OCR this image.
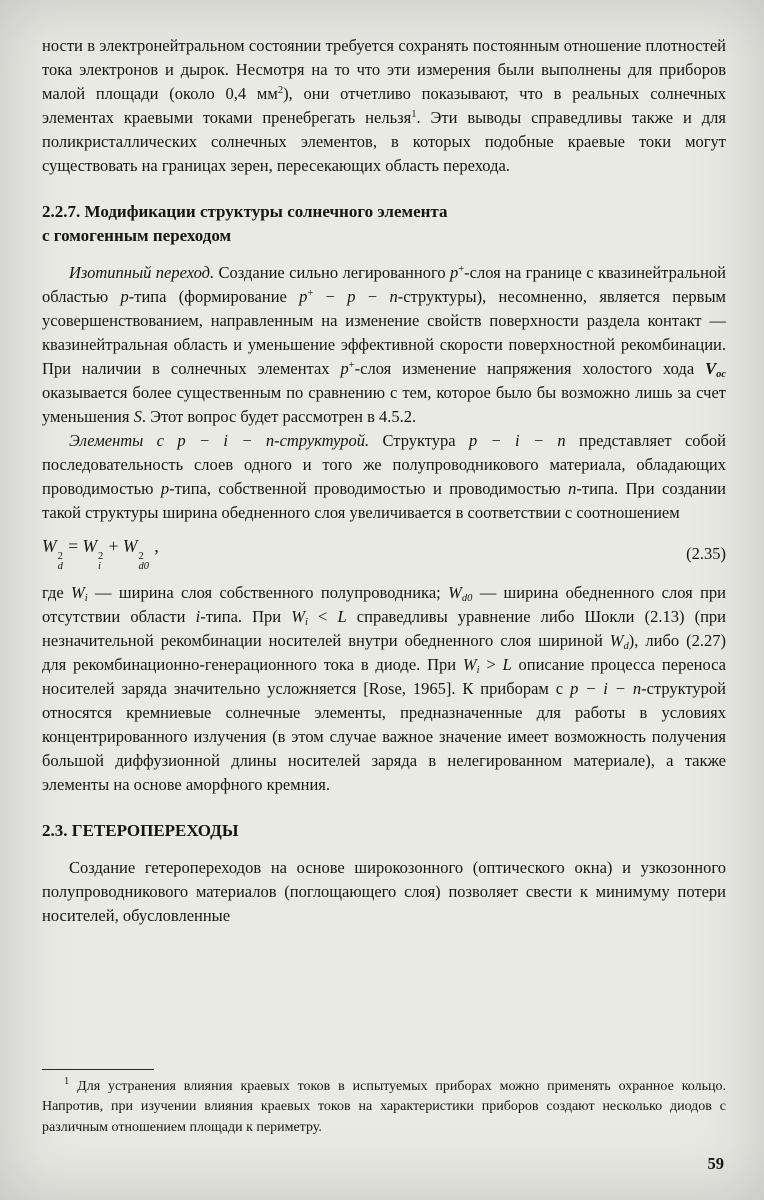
ности в электронейтральном состоянии требуется сохранять постоянным отношение плотностей тока электронов и дырок. Несмотря на то что эти измерения были выполнены для приборов малой площади (около 0,4 $мм^2$), они отчетливо показывают, что в реальных солнечных элементах краевыми токами пренебрегать нельзя$^1$. Эти выводы справедливы также и для поликристаллических солнечных элементов, в которых подобные краевые токи могут существовать на границах зерен, пересекающих область перехода.

2.2.7. Модификации структуры солнечного элемента
с гомогенным переходом

Изотипный переход. Создание сильно легированного p+-слоя на границе с квазинейтральной областью p-типа (формирование p+ − p − n-структуры), несомненно, является первым усовершенствованием, направленным на изменение свойств поверхности раздела контакт — квазинейтральная область и уменьшение эффективной скорости поверхностной рекомбинации. При наличии в солнечных элементах p+-слоя изменение напряжения холостого хода $V_{oc}$ оказывается более существенным по сравнению с тем, которое было бы возможно лишь за счет уменьшения S. Этот вопрос будет рассмотрен в 4.5.2.

Элементы с p − i − n-структурой. Структура p − i − n представляет собой последовательность слоев одного и того же полупроводникового материала, обладающих проводимостью p-типа, собственной проводимостью и проводимостью n-типа. При создании такой структуры ширина обедненного слоя увеличивается в соответствии с соотношением

W
2
d
= W
2
i
+ W
2
d0
,	(2.35)

где $W_i$ — ширина слоя собственного полупроводника; $W_{d0}$ — ширина обедненного слоя при отсутствии области i-типа. При $W_i < L$ справедливы уравнение либо Шокли (2.13) (при незначительной рекомбинации носителей внутри обедненного слоя шириной $W_d$), либо (2.27) для рекомбинационно-генерационного тока в диоде. При $W_i > L$ описание процесса переноса носителей заряда значительно усложняется [Rose, 1965]. К приборам с p − i − n-структурой относятся кремниевые солнечные элементы, предназначенные для работы в условиях концентрированного излучения (в этом случае важное значение имеет возможность получения большой диффузионной длины носителей заряда в нелегированном материале), а также элементы на основе аморфного кремния.

2.3. ГЕТЕРОПЕРЕХОДЫ

Создание гетеропереходов на основе широкозонного (оптического окна) и узкозонного полупроводникового материалов (поглощающего слоя) позволяет свести к минимуму потери носителей, обусловленные

$^1$ Для устранения влияния краевых токов в испытуемых приборах можно применять охранное кольцо. Напротив, при изучении влияния краевых токов на характеристики приборов создают несколько диодов с различным отношением площади к периметру.

59
